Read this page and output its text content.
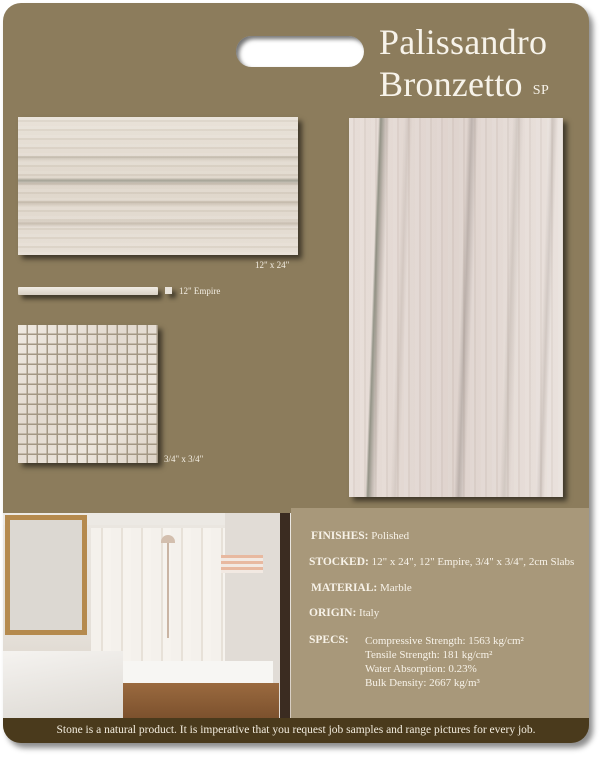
Palissandro
Bronzetto SP
12" x 24"
12" Empire
3/4" x 3/4"
FINISHES: Polished
STOCKED: 12" x 24", 12" Empire, 3/4" x 3/4", 2cm Slabs
MATERIAL: Marble
ORIGIN: Italy
SPECS: Compressive Strength: 1563 kg/cm²
Tensile Strength: 181 kg/cm²
Water Absorption: 0.23%
Bulk Density: 2667 kg/m³
Stone is a natural product. It is imperative that you request job samples and range pictures for every job.
